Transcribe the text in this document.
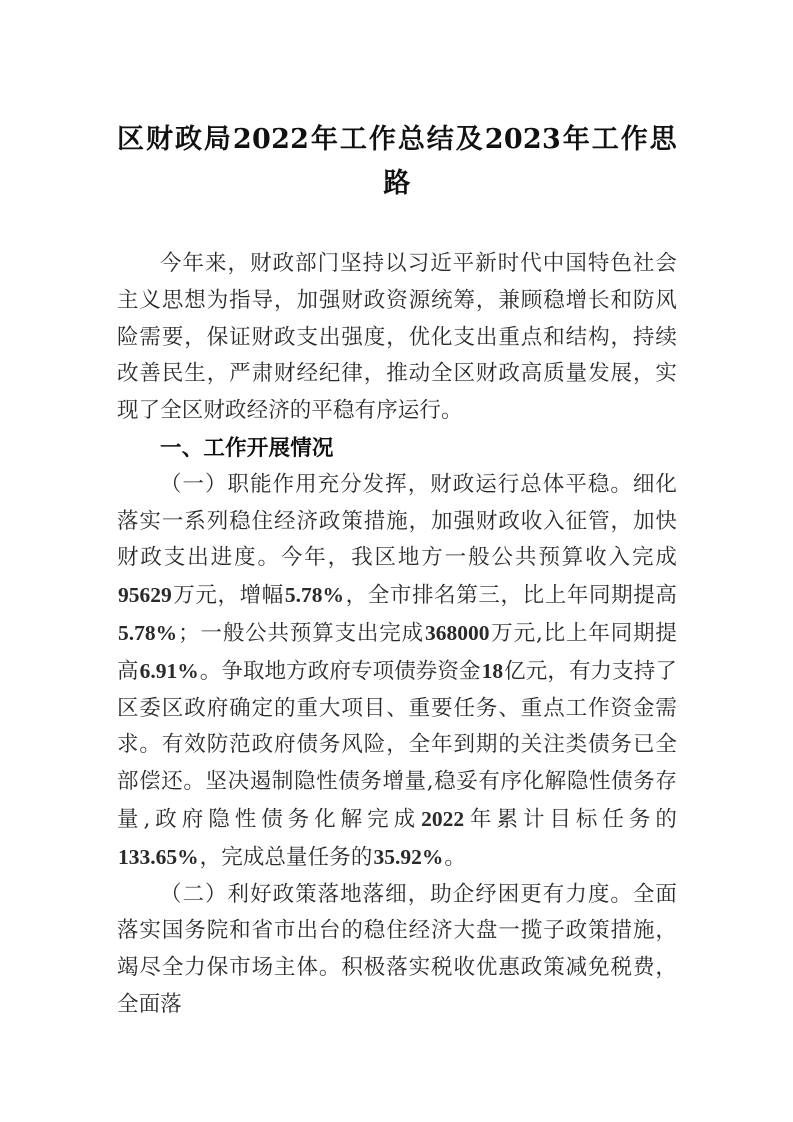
区财政局2022年工作总结及2023年工作思路

今年来，财政部门坚持以习近平新时代中国特色社会主义思想为指导，加强财政资源统筹，兼顾稳增长和防风险需要，保证财政支出强度，优化支出重点和结构，持续改善民生，严肃财经纪律，推动全区财政高质量发展，实现了全区财政经济的平稳有序运行。

一、工作开展情况

（一）职能作用充分发挥，财政运行总体平稳。细化落实一系列稳住经济政策措施，加强财政收入征管，加快财政支出进度。今年，我区地方一般公共预算收入完成95629万元，增幅5.78%，全市排名第三，比上年同期提高5.78%；一般公共预算支出完成368000万元,比上年同期提高6.91%。争取地方政府专项债券资金18亿元，有力支持了区委区政府确定的重大项目、重要任务、重点工作资金需求。有效防范政府债务风险，全年到期的关注类债务已全部偿还。坚决遏制隐性债务增量,稳妥有序化解隐性债务存量,政府隐性债务化解完成2022年累计目标任务的133.65%，完成总量任务的35.92%。

（二）利好政策落地落细，助企纾困更有力度。全面落实国务院和省市出台的稳住经济大盘一揽子政策措施，竭尽全力保市场主体。积极落实税收优惠政策减免税费，全面落
